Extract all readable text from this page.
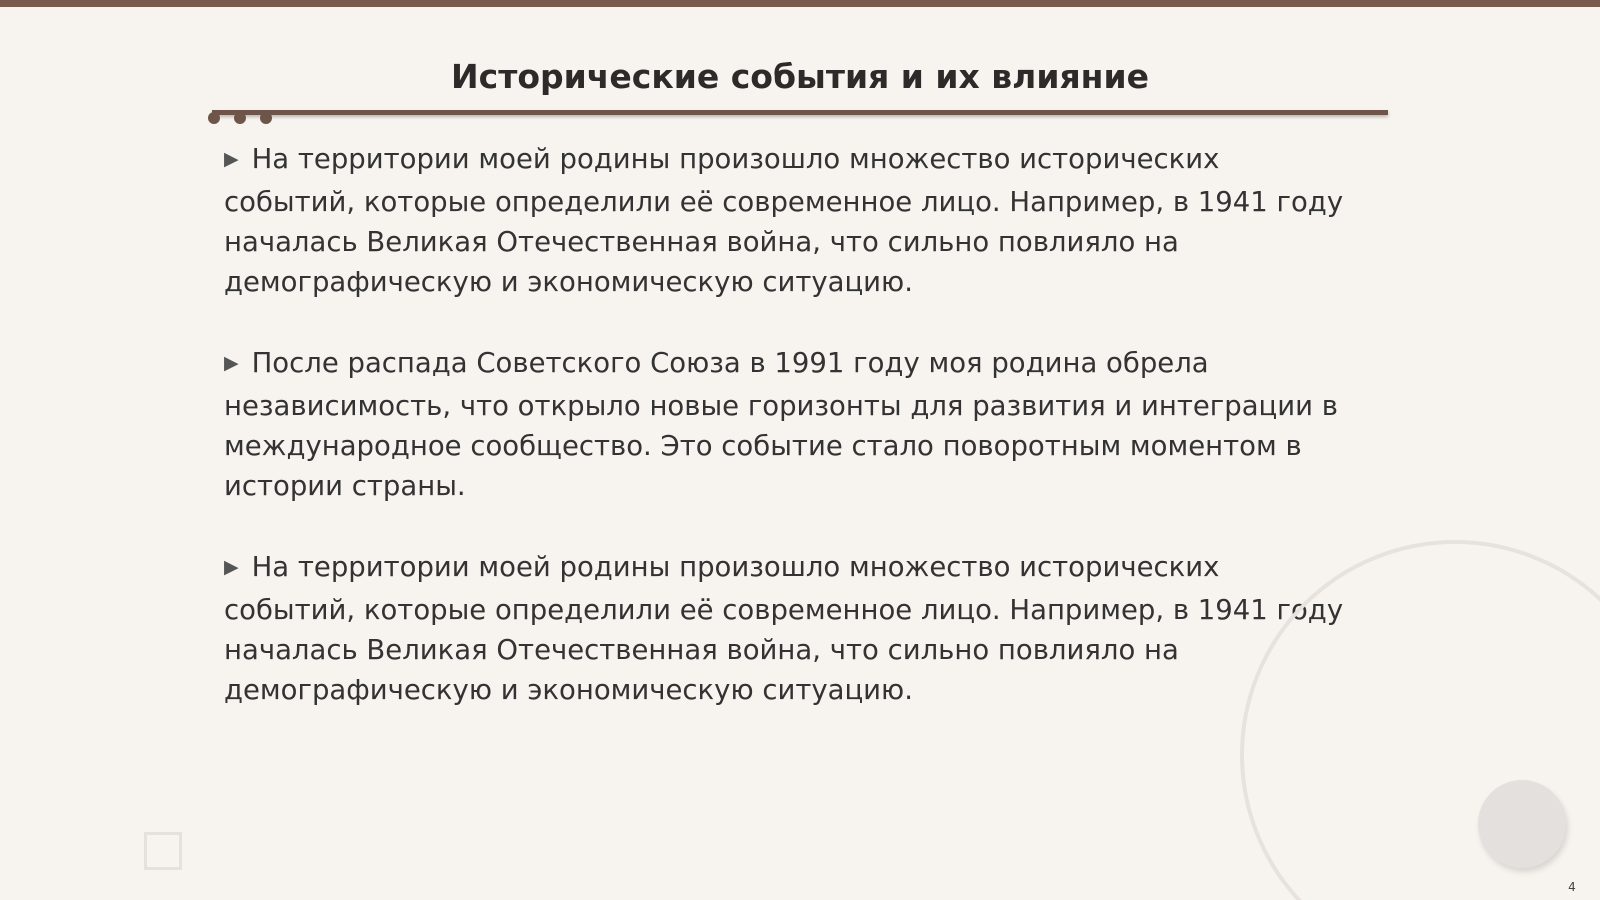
Исторические события и их влияние

▶ На территории моей родины произошло множество исторических событий, которые определили её современное лицо. Например, в 1941 году началась Великая Отечественная война, что сильно повлияло на демографическую и экономическую ситуацию.

▶ После распада Советского Союза в 1991 году моя родина обрела независимость, что открыло новые горизонты для развития и интеграции в международное сообщество. Это событие стало поворотным моментом в истории страны.

▶ На территории моей родины произошло множество исторических событий, которые определили её современное лицо. Например, в 1941 году началась Великая Отечественная война, что сильно повлияло на демографическую и экономическую ситуацию.

4
